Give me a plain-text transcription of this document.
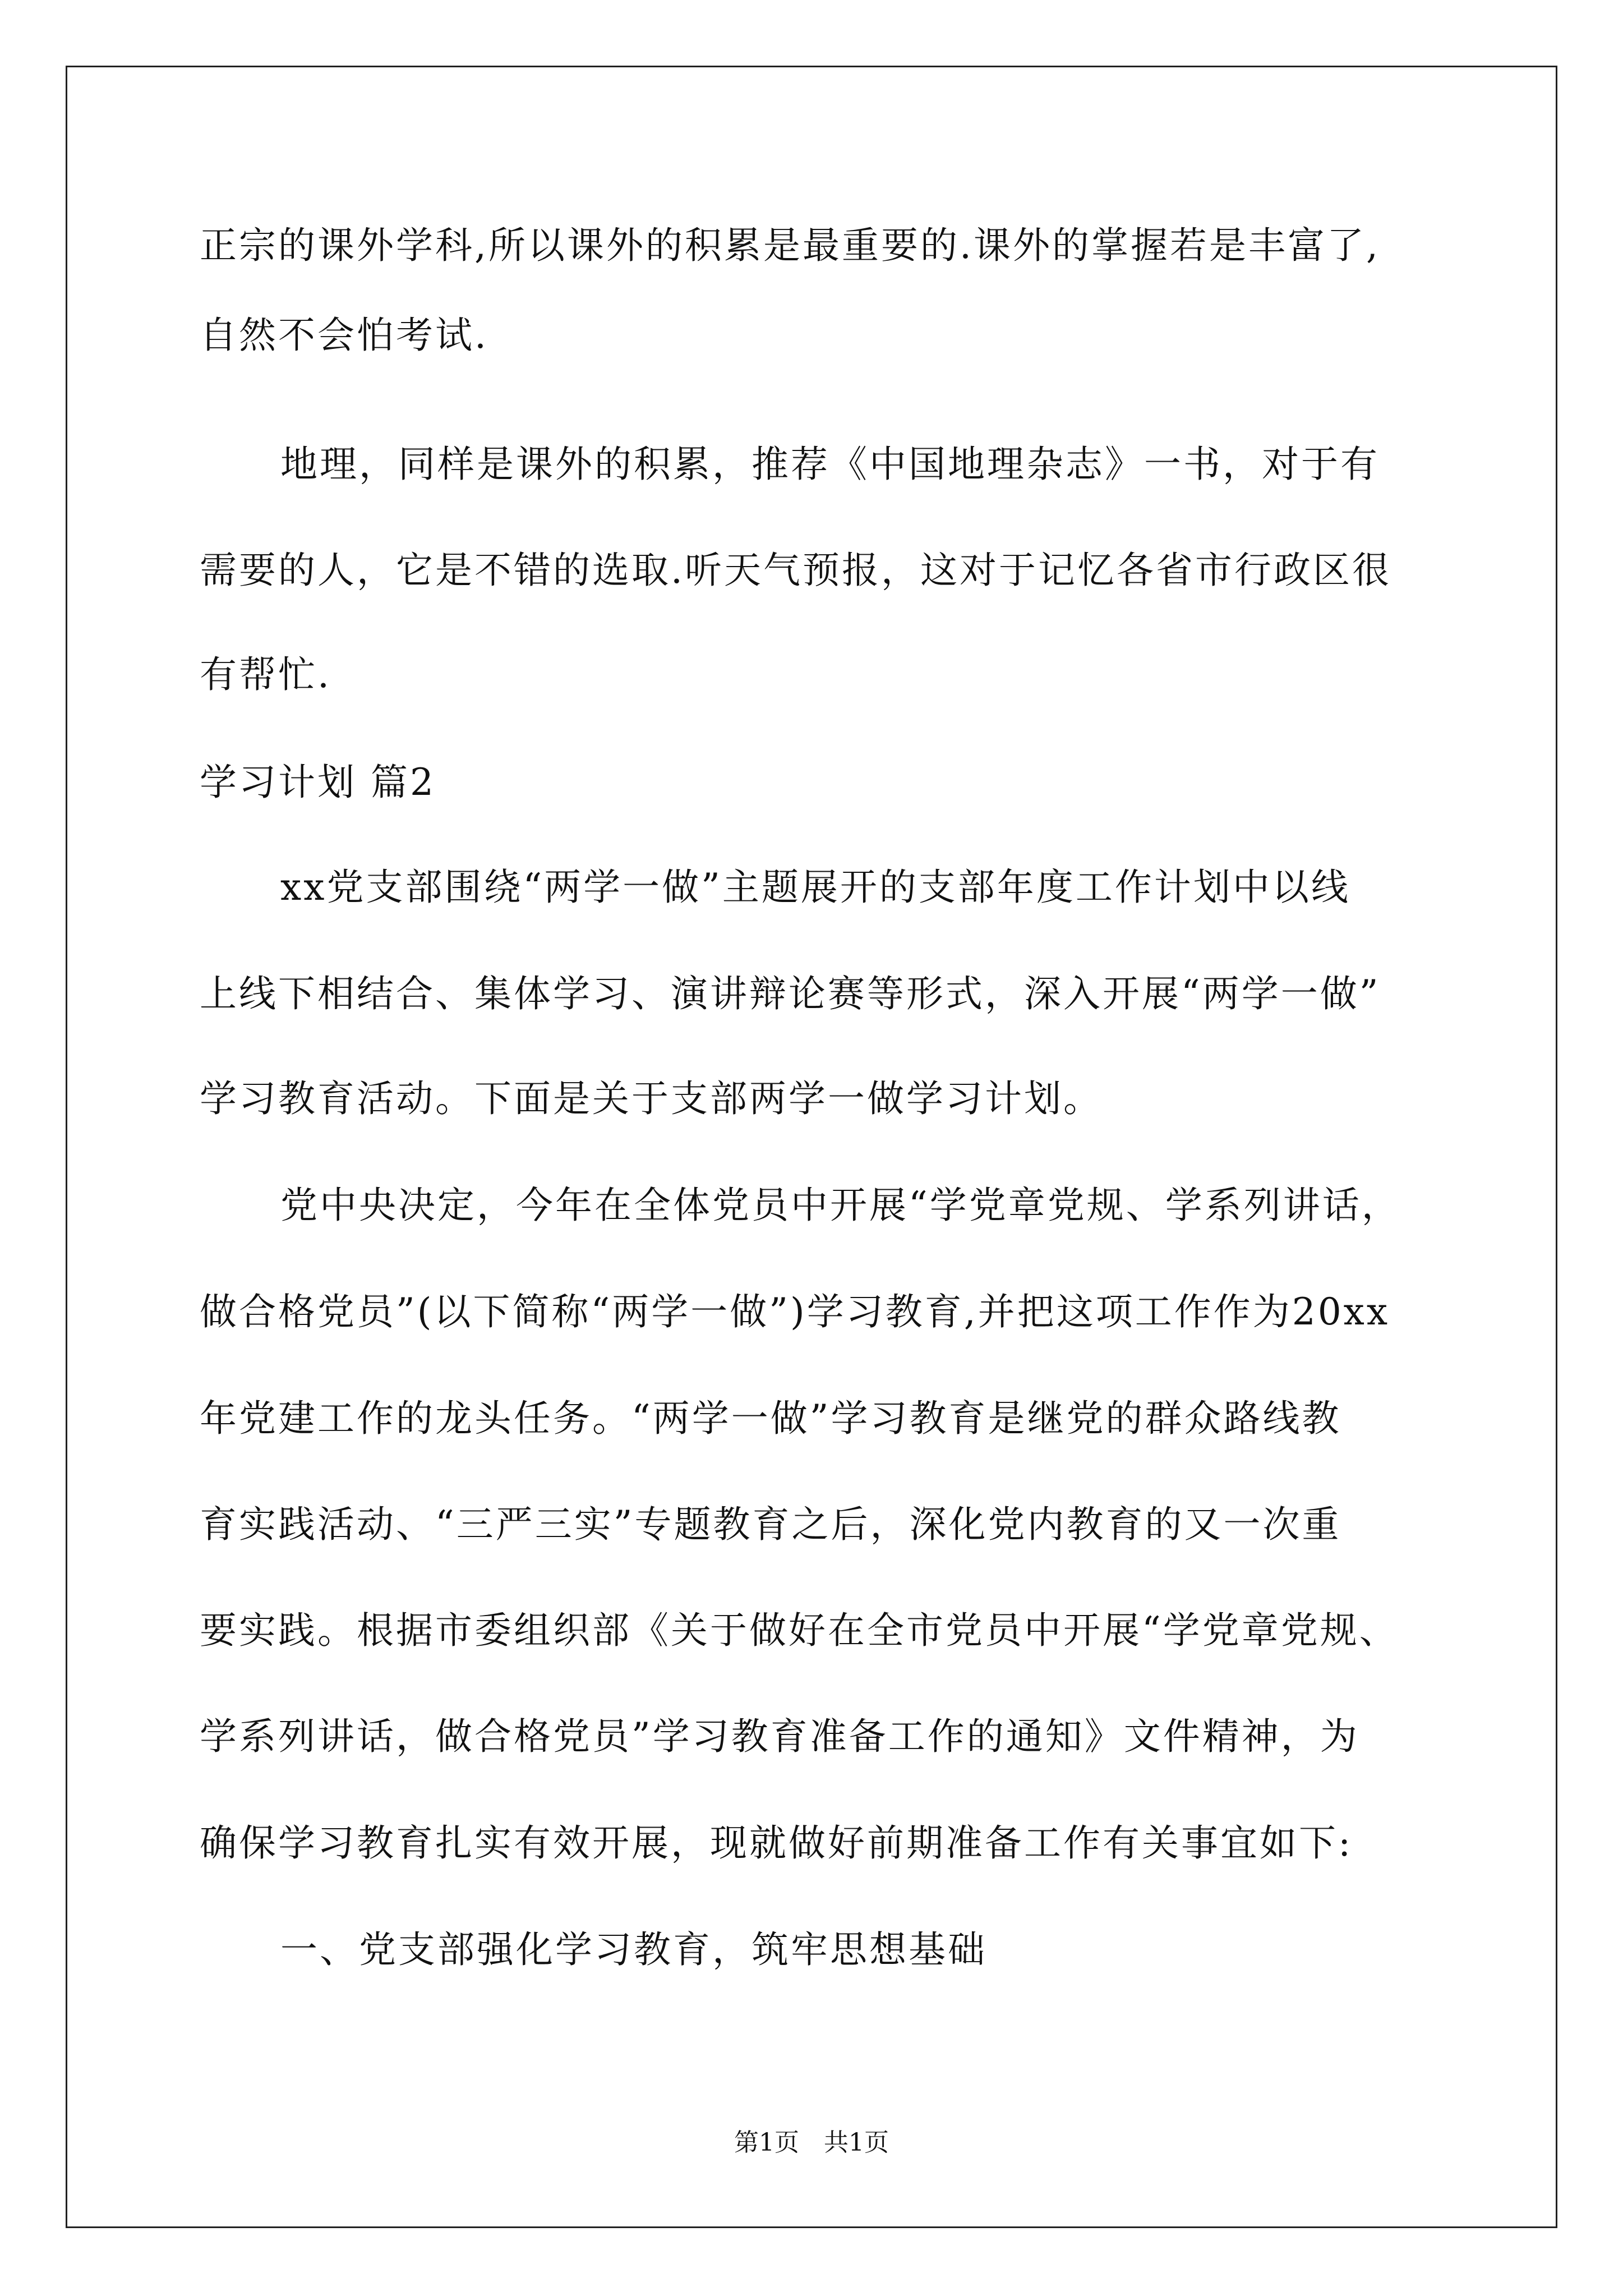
正宗的课外学科,所以课外的积累是最重要的.课外的掌握若是丰富了,
自然不会怕考试.
地理，同样是课外的积累，推荐《中国地理杂志》一书，对于有
需要的人，它是不错的选取.听天气预报，这对于记忆各省市行政区很
有帮忙.
学习计划 篇2
xx党支部围绕“两学一做”主题展开的支部年度工作计划中以线
上线下相结合、集体学习、演讲辩论赛等形式，深入开展“两学一做”
学习教育活动。下面是关于支部两学一做学习计划。
党中央决定，今年在全体党员中开展“学党章党规、学系列讲话，
做合格党员”(以下简称“两学一做”)学习教育,并把这项工作作为20xx
年党建工作的龙头任务。“两学一做”学习教育是继党的群众路线教
育实践活动、“三严三实”专题教育之后，深化党内教育的又一次重
要实践。根据市委组织部《关于做好在全市党员中开展“学党章党规、
学系列讲话，做合格党员”学习教育准备工作的通知》文件精神，为
确保学习教育扎实有效开展，现就做好前期准备工作有关事宜如下:
一、党支部强化学习教育，筑牢思想基础
第1页　共1页
